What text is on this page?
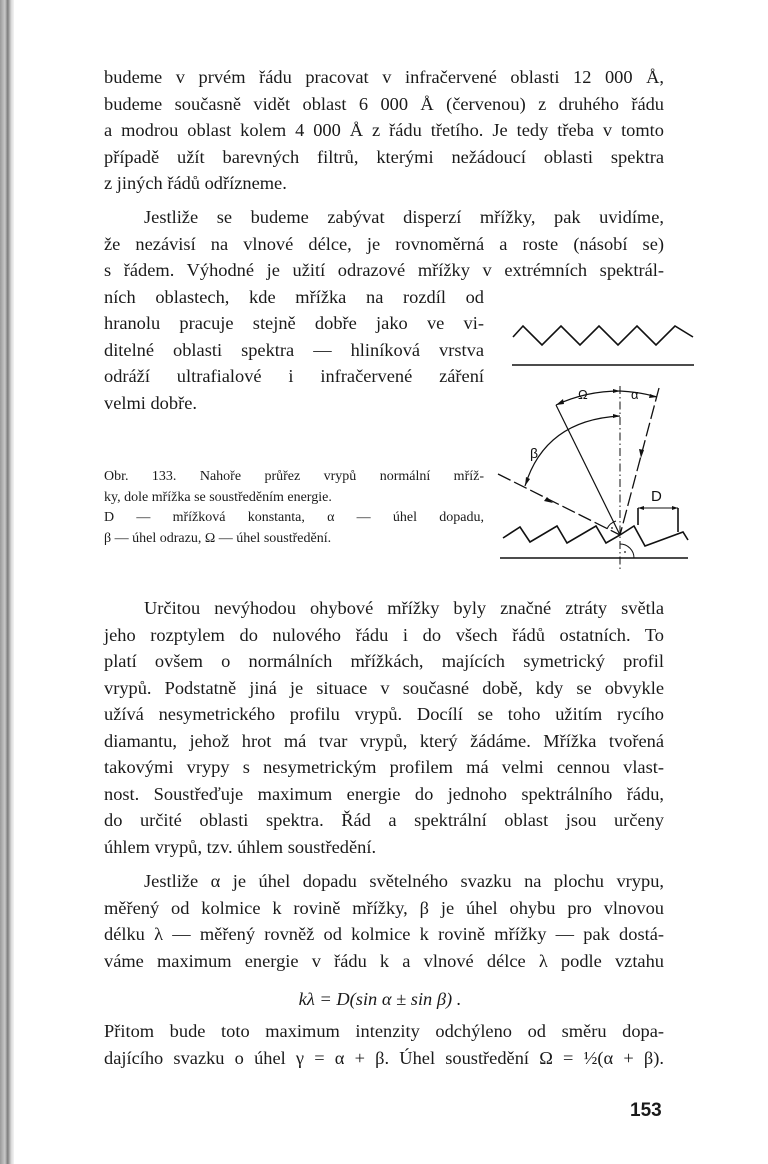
budeme v prvém řádu pracovat v infračervené oblasti 12 000 Å,
budeme současně vidět oblast 6 000 Å (červenou) z druhého řádu
a modrou oblast kolem 4 000 Å z řádu třetího. Je tedy třeba v tomto
případě užít barevných filtrů, kterými nežádoucí oblasti spektra
z jiných řádů odřízneme.
Jestliže se budeme zabývat disperzí mřížky, pak uvidíme,
že nezávisí na vlnové délce, je rovnoměrná a roste (násobí se)
s řádem. Výhodné je užití odrazové mřížky v extrémních spektrál-
ních oblastech, kde mřížka na rozdíl od
hranolu pracuje stejně dobře jako ve vi-
ditelné oblasti spektra — hliníková vrstva
odráží ultrafialové i infračervené záření
velmi dobře.
Obr. 133. Nahoře průřez vrypů normální mříž-
ky, dole mřížka se soustředěním energie.
D — mřížková konstanta, α — úhel dopadu,
β — úhel odrazu, Ω — úhel soustředění.
Ω	α
β
D
Určitou nevýhodou ohybové mřížky byly značné ztráty světla
jeho rozptylem do nulového řádu i do všech řádů ostatních. To
platí ovšem o normálních mřížkách, majících symetrický profil
vrypů. Podstatně jiná je situace v současné době, kdy se obvykle
užívá nesymetrického profilu vrypů. Docílí se toho užitím rycího
diamantu, jehož hrot má tvar vrypů, který žádáme. Mřížka tvořená
takovými vrypy s nesymetrickým profilem má velmi cennou vlast-
nost. Soustřeďuje maximum energie do jednoho spektrálního řádu,
do určité oblasti spektra. Řád a spektrální oblast jsou určeny
úhlem vrypů, tzv. úhlem soustředění.
Jestliže α je úhel dopadu světelného svazku na plochu vrypu,
měřený od kolmice k rovině mřížky, β je úhel ohybu pro vlnovou
délku λ — měřený rovněž od kolmice k rovině mřížky — pak dostá-
váme maximum energie v řádu k a vlnové délce λ podle vztahu
kλ = D(sin α ± sin β) .
Přitom bude toto maximum intenzity odchýleno od směru dopa-
dajícího svazku o úhel γ = α + β. Úhel soustředění Ω = ½(α + β).
153
